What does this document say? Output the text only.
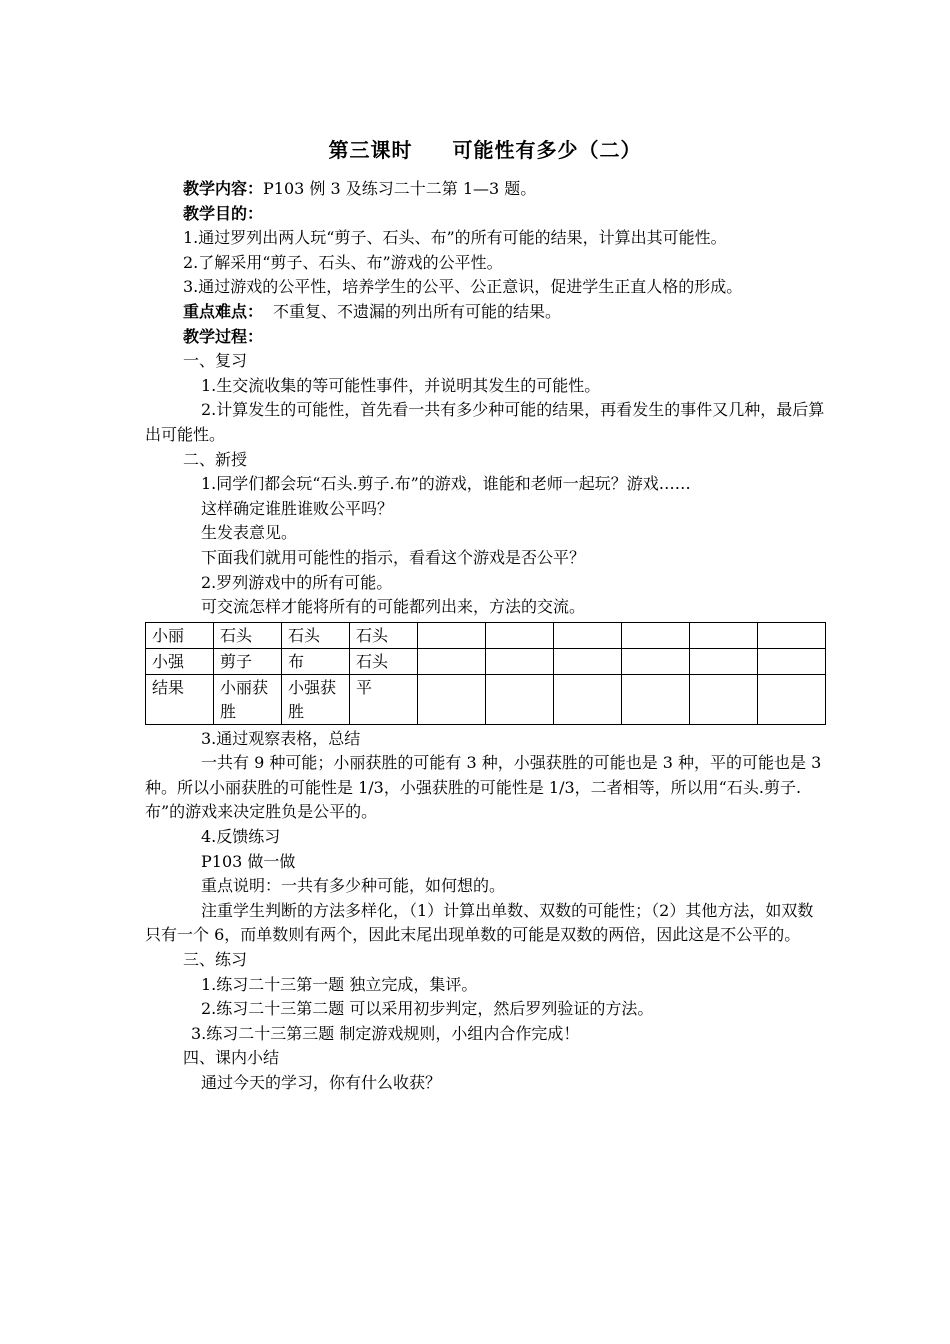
第三课时 可能性有多少（二）

教学内容：P103 例 3 及练习二十二第 1—3 题。

教学目的：

1.通过罗列出两人玩“剪子、石头、布”的所有可能的结果，计算出其可能性。

2.了解采用“剪子、石头、布”游戏的公平性。

3.通过游戏的公平性，培养学生的公平、公正意识，促进学生正直人格的形成。

重点难点： 不重复、不遗漏的列出所有可能的结果。

教学过程：

一、复习

1.生交流收集的等可能性事件，并说明其发生的可能性。

2.计算发生的可能性，首先看一共有多少种可能的结果，再看发生的事件又几种，最后算出可能性。

二、新授

1.同学们都会玩“石头.剪子.布”的游戏，谁能和老师一起玩？游戏……

这样确定谁胜谁败公平吗？

生发表意见。

下面我们就用可能性的指示，看看这个游戏是否公平？

2.罗列游戏中的所有可能。

可交流怎样才能将所有的可能都列出来，方法的交流。

小丽	石头	石头	石头						
小强	剪子	布	石头						
结果	小丽获胜	小强获胜	平						

3.通过观察表格，总结

一共有 9 种可能；小丽获胜的可能有 3 种，小强获胜的可能也是 3 种，平的可能也是 3 种。所以小丽获胜的可能性是 1/3，小强获胜的可能性是 1/3，二者相等，所以用“石头.剪子.布”的游戏来决定胜负是公平的。

4.反馈练习

P103 做一做

重点说明：一共有多少种可能，如何想的。

注重学生判断的方法多样化，（1）计算出单数、双数的可能性；（2）其他方法，如双数只有一个 6，而单数则有两个，因此末尾出现单数的可能是双数的两倍，因此这是不公平的。

三、练习

1.练习二十三第一题 独立完成，集评。

2.练习二十三第二题 可以采用初步判定，然后罗列验证的方法。

3.练习二十三第三题 制定游戏规则，小组内合作完成！

四、课内小结

通过今天的学习，你有什么收获？
